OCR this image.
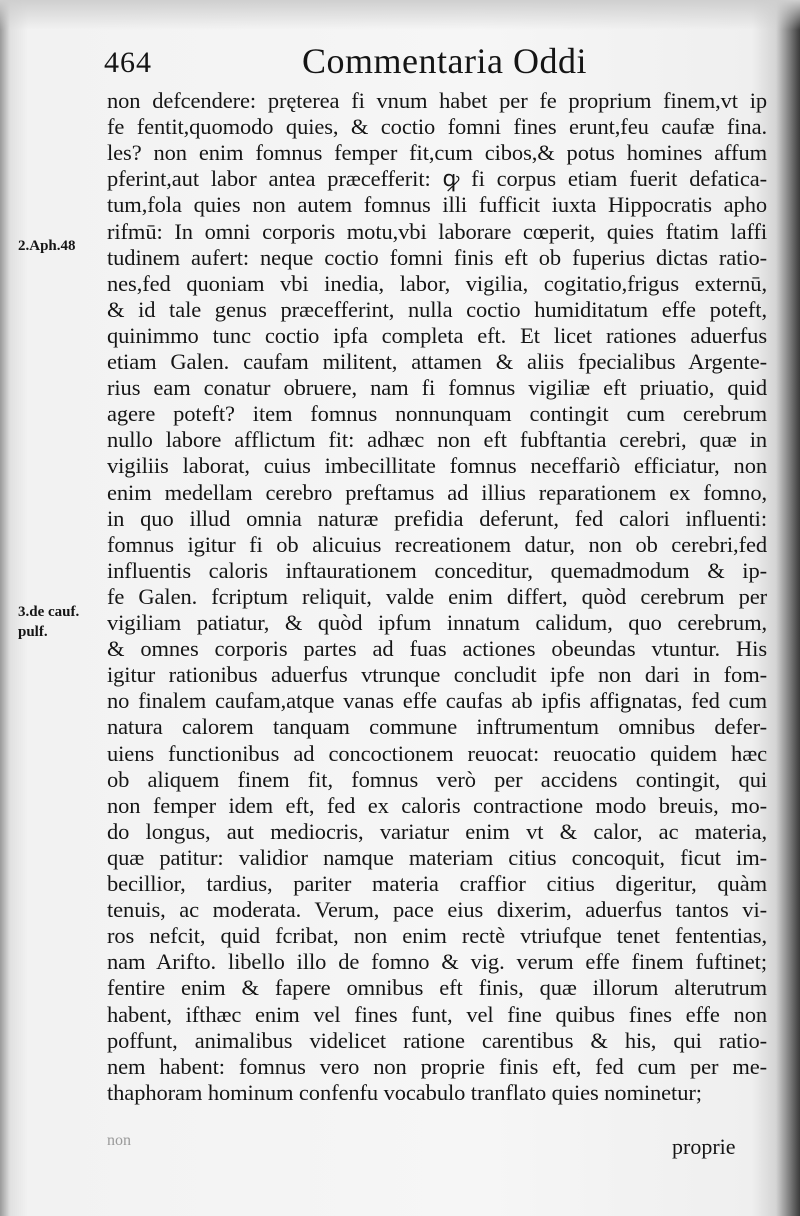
464	Commentaria Oddi
2.Aph.48
3.de cauf.
pulf.
non defcendere: pręterea fi vnum habet per fe proprium finem,vt ip
fe fentit,quomodo quies, & coctio fomni fines erunt,feu caufæ fina.
les? non enim fomnus femper fit,cum cibos,& potus homines affum
pferint,aut labor antea præcefferit: ꝙ fi corpus etiam fuerit defatica-
tum,fola quies non autem fomnus illi fufficit iuxta Hippocratis apho
rifmū: In omni corporis motu,vbi laborare cœperit, quies ftatim laffi
tudinem aufert: neque coctio fomni finis eft ob fuperius dictas ratio-
nes,fed quoniam vbi inedia, labor, vigilia, cogitatio,frigus externū,
& id tale genus præcefferint, nulla coctio humiditatum effe poteft,
quinimmo tunc coctio ipfa completa eft. Et licet rationes aduerfus
etiam Galen. caufam militent, attamen & aliis fpecialibus Argente-
rius eam conatur obruere, nam fi fomnus vigiliæ eft priuatio, quid
agere poteft? item fomnus nonnunquam contingit cum cerebrum
nullo labore afflictum fit: adhæc non eft fubftantia cerebri, quæ in
vigiliis laborat, cuius imbecillitate fomnus neceffariò efficiatur, non
enim medellam cerebro preftamus ad illius reparationem ex fomno,
in quo illud omnia naturæ prefidia deferunt, fed calori influenti:
fomnus igitur fi ob alicuius recreationem datur, non ob cerebri,fed
influentis caloris inftaurationem conceditur, quemadmodum & ip-
fe Galen. fcriptum reliquit, valde enim differt, quòd cerebrum per
vigiliam patiatur, & quòd ipfum innatum calidum, quo cerebrum,
& omnes corporis partes ad fuas actiones obeundas vtuntur. His
igitur rationibus aduerfus vtrunque concludit ipfe non dari in fom-
no finalem caufam,atque vanas effe caufas ab ipfis affignatas, fed cum
natura calorem tanquam commune inftrumentum omnibus defer-
uiens functionibus ad concoctionem reuocat: reuocatio quidem hæc
ob aliquem finem fit, fomnus verò per accidens contingit, qui
non femper idem eft, fed ex caloris contractione modo breuis, mo-
do longus, aut mediocris, variatur enim vt & calor, ac materia,
quæ patitur: validior namque materiam citius concoquit, ficut im-
becillior, tardius, pariter materia craffior citius digeritur, quàm
tenuis, ac moderata. Verum, pace eius dixerim, aduerfus tantos vi-
ros nefcit, quid fcribat, non enim rectè vtriufque tenet fententias,
nam Arifto. libello illo de fomno & vig. verum effe finem fuftinet;
fentire enim & fapere omnibus eft finis, quæ illorum alterutrum
habent, ifthæc enim vel fines funt, vel fine quibus fines effe non
poffunt, animalibus videlicet ratione carentibus & his, qui ratio-
nem habent: fomnus vero non proprie finis eft, fed cum per me-
thaphoram hominum confenfu vocabulo tranflato quies nominetur;
non	proprie
